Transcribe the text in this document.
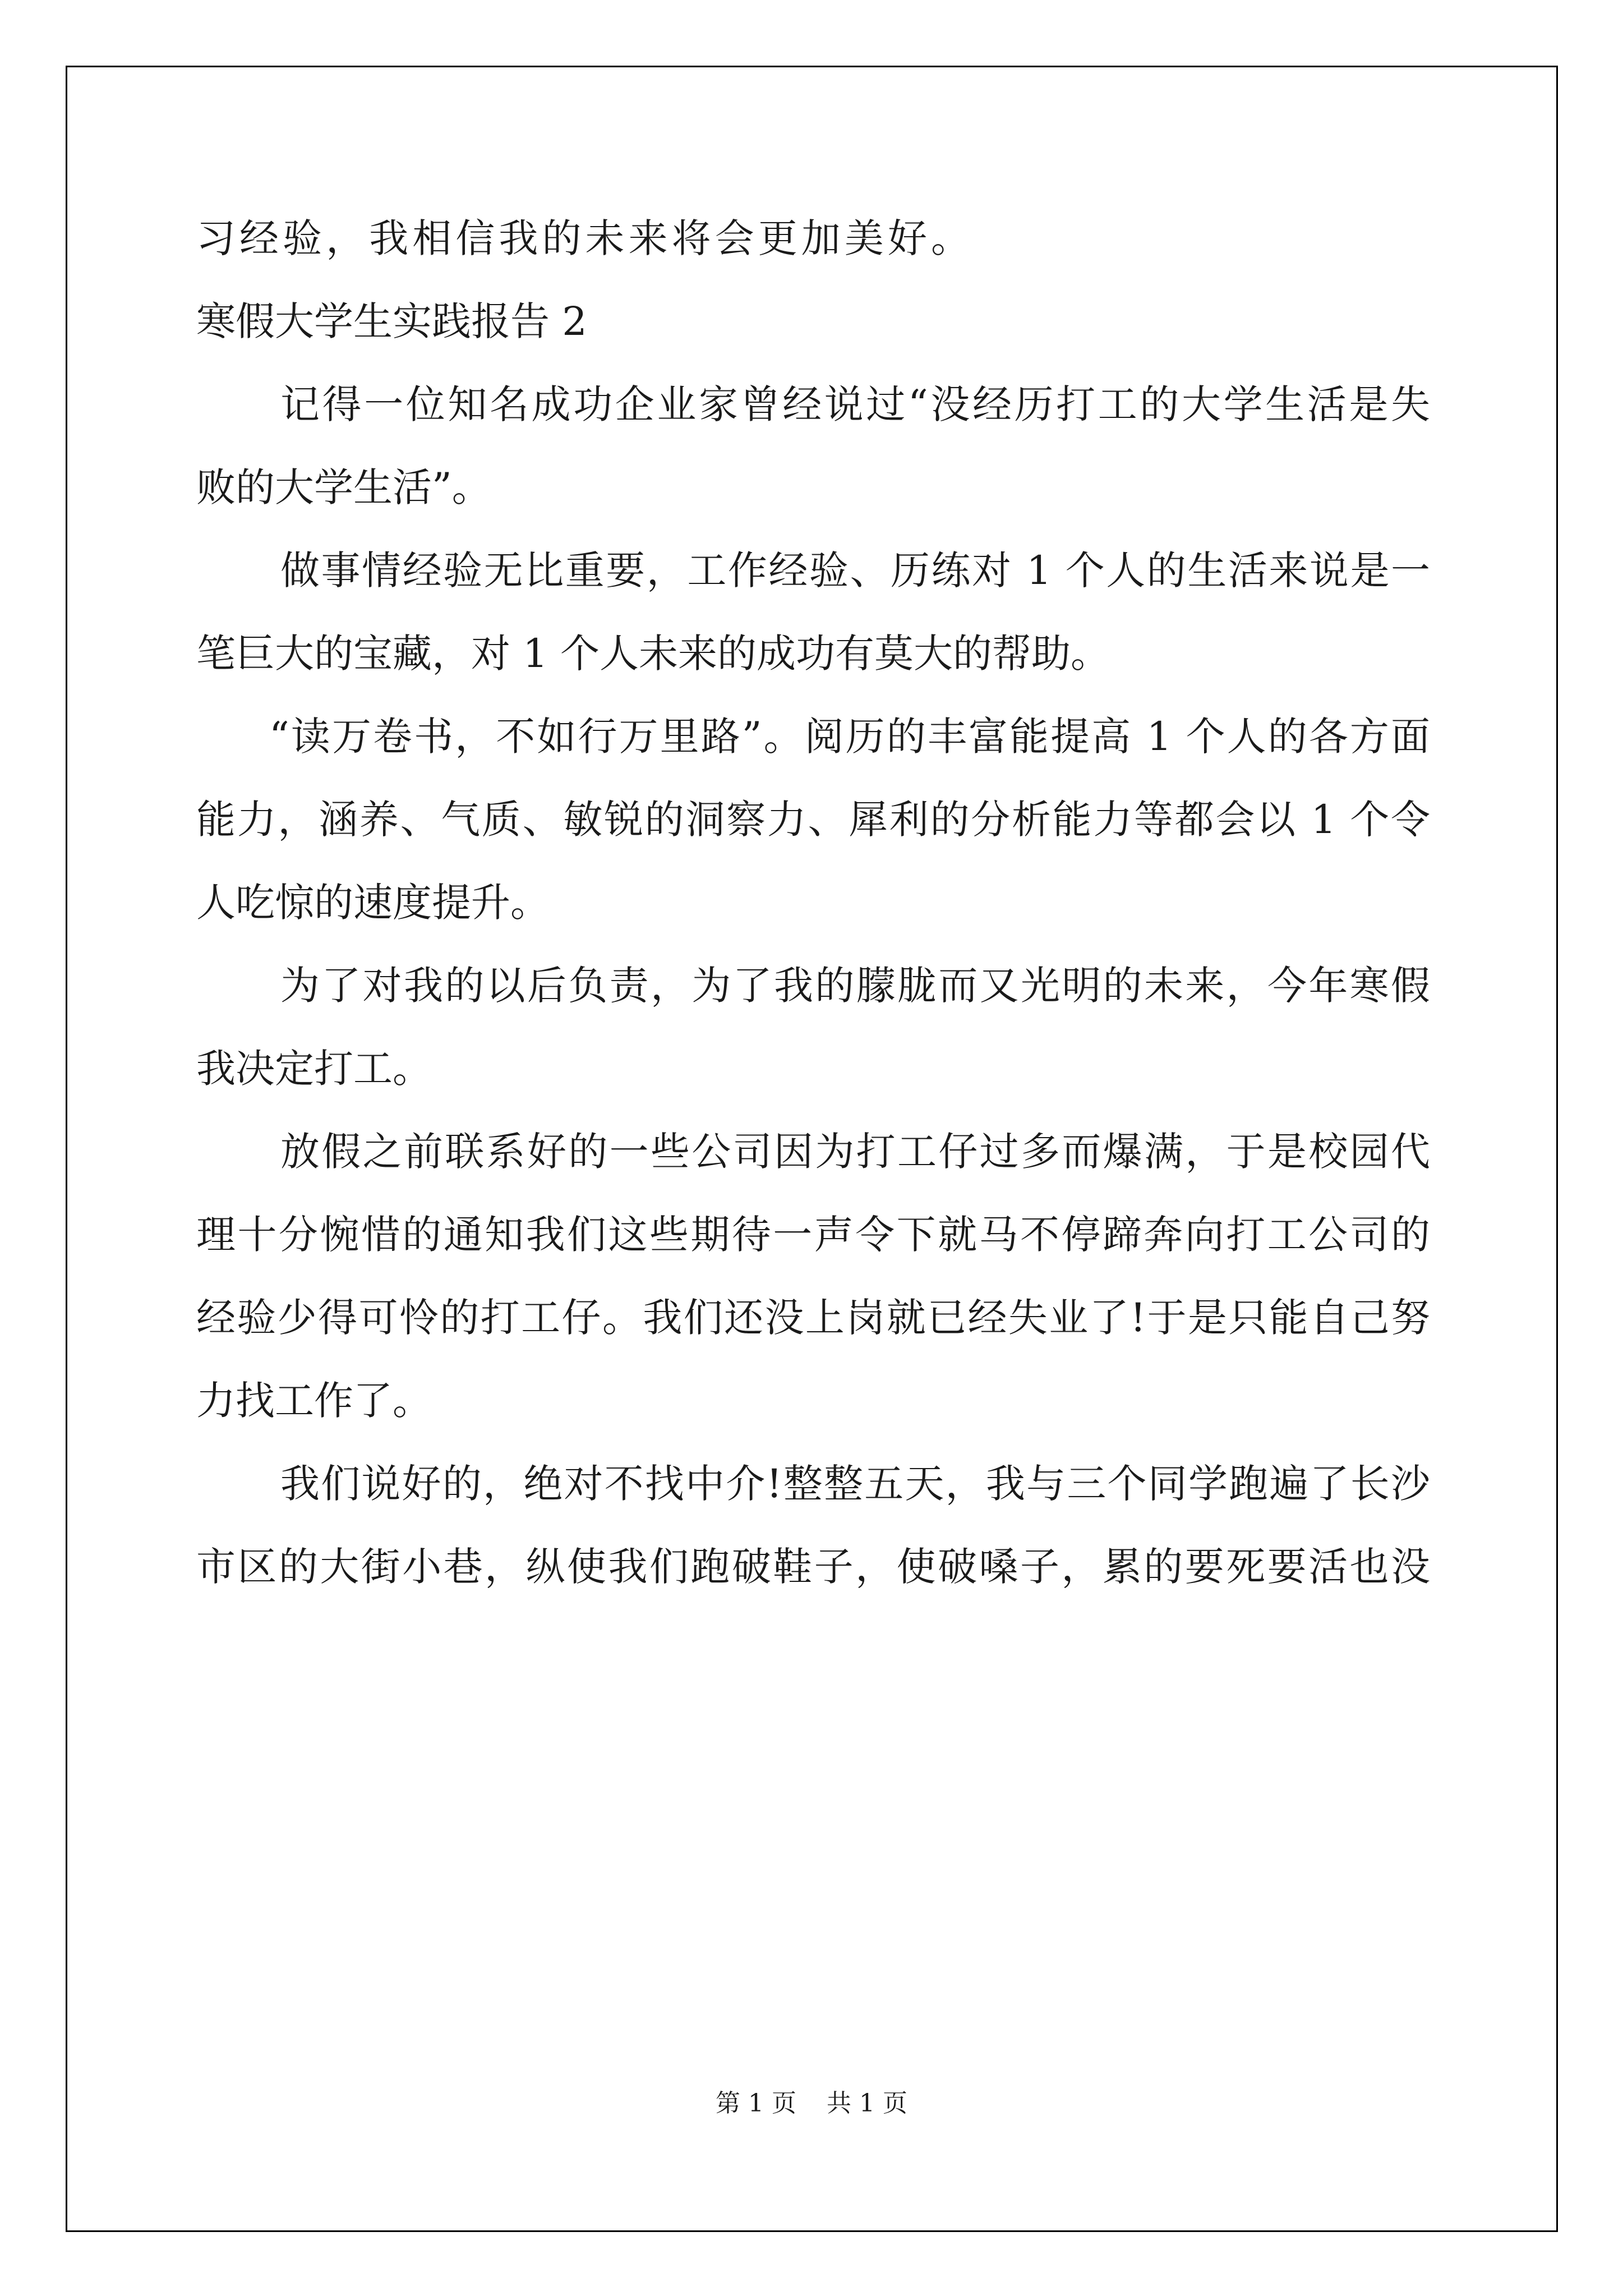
习经验，我相信我的未来将会更加美好。
寒假大学生实践报告 2
记得一位知名成功企业家曾经说过“没经历打工的大学生活是失
败的大学生活”。
做事情经验无比重要，工作经验、历练对 1 个人的生活来说是一
笔巨大的宝藏，对 1 个人未来的成功有莫大的帮助。
“读万卷书，不如行万里路”。阅历的丰富能提高 1 个人的各方面
能力，涵养、气质、敏锐的洞察力、犀利的分析能力等都会以 1 个令
人吃惊的速度提升。
为了对我的以后负责，为了我的朦胧而又光明的未来，今年寒假
我决定打工。
放假之前联系好的一些公司因为打工仔过多而爆满，于是校园代
理十分惋惜的通知我们这些期待一声令下就马不停蹄奔向打工公司的
经验少得可怜的打工仔。我们还没上岗就已经失业了!于是只能自己努
力找工作了。
我们说好的，绝对不找中介!整整五天，我与三个同学跑遍了长沙
市区的大街小巷，纵使我们跑破鞋子，使破嗓子，累的要死要活也没
第 1 页 共 1 页
